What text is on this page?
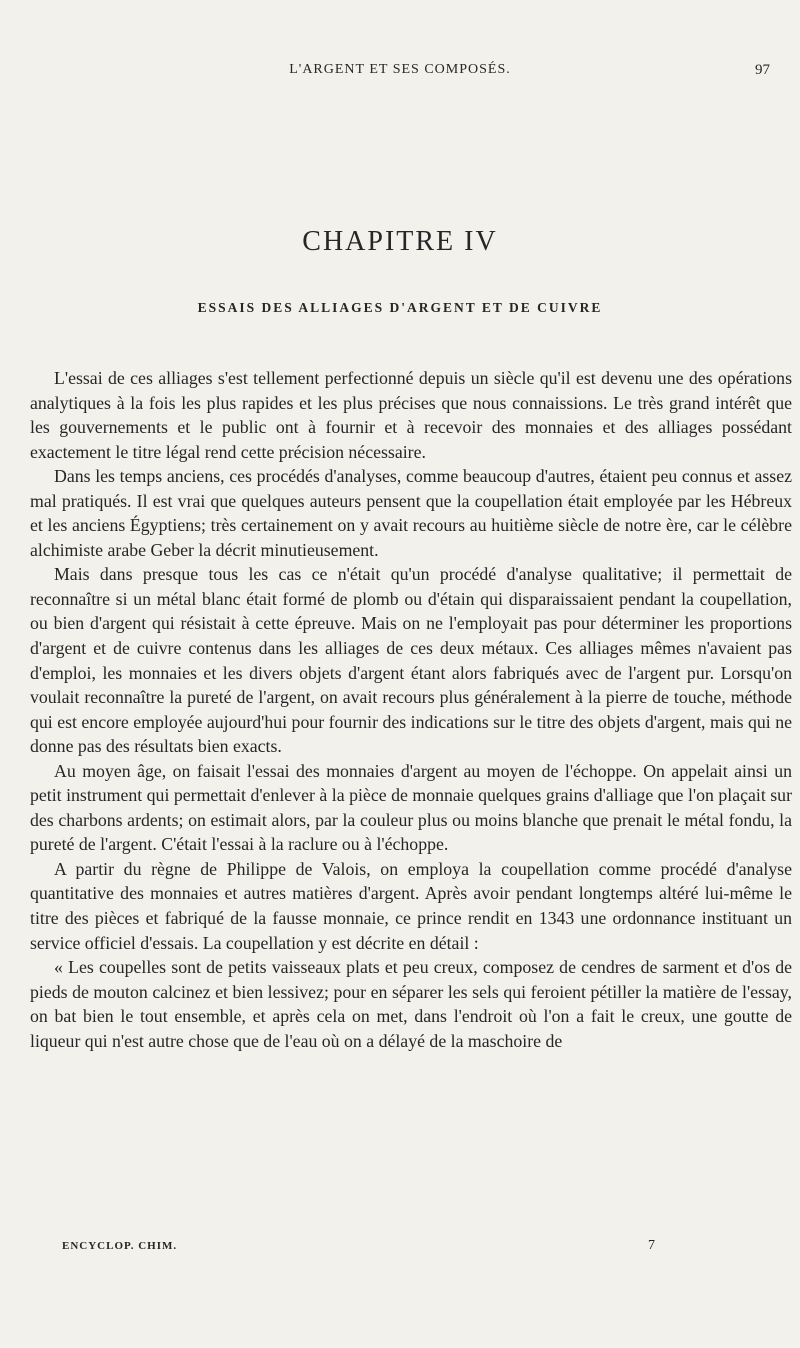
L'ARGENT ET SES COMPOSÉS.	97
CHAPITRE IV
ESSAIS DES ALLIAGES D'ARGENT ET DE CUIVRE

L'essai de ces alliages s'est tellement perfectionné depuis un siècle qu'il est devenu une des opérations analytiques à la fois les plus rapides et les plus précises que nous connaissions. Le très grand intérêt que les gouvernements et le public ont à fournir et à recevoir des monnaies et des alliages possédant exactement le titre légal rend cette précision nécessaire.

Dans les temps anciens, ces procédés d'analyses, comme beaucoup d'autres, étaient peu connus et assez mal pratiqués. Il est vrai que quelques auteurs pensent que la coupellation était employée par les Hébreux et les anciens Égyptiens; très certainement on y avait recours au huitième siècle de notre ère, car le célèbre alchimiste arabe Geber la décrit minutieusement.

Mais dans presque tous les cas ce n'était qu'un procédé d'analyse qualitative; il permettait de reconnaître si un métal blanc était formé de plomb ou d'étain qui disparaissaient pendant la coupellation, ou bien d'argent qui résistait à cette épreuve. Mais on ne l'employait pas pour déterminer les proportions d'argent et de cuivre contenus dans les alliages de ces deux métaux. Ces alliages mêmes n'avaient pas d'emploi, les monnaies et les divers objets d'argent étant alors fabriqués avec de l'argent pur. Lorsqu'on voulait reconnaître la pureté de l'argent, on avait recours plus généralement à la pierre de touche, méthode qui est encore employée aujourd'hui pour fournir des indications sur le titre des objets d'argent, mais qui ne donne pas des résultats bien exacts.

Au moyen âge, on faisait l'essai des monnaies d'argent au moyen de l'échoppe. On appelait ainsi un petit instrument qui permettait d'enlever à la pièce de monnaie quelques grains d'alliage que l'on plaçait sur des charbons ardents; on estimait alors, par la couleur plus ou moins blanche que prenait le métal fondu, la pureté de l'argent. C'était l'essai à la raclure ou à l'échoppe.

A partir du règne de Philippe de Valois, on employa la coupellation comme procédé d'analyse quantitative des monnaies et autres matières d'argent. Après avoir pendant longtemps altéré lui-même le titre des pièces et fabriqué de la fausse monnaie, ce prince rendit en 1343 une ordonnance instituant un service officiel d'essais. La coupellation y est décrite en détail :

« Les coupelles sont de petits vaisseaux plats et peu creux, composez de cendres de sarment et d'os de pieds de mouton calcinez et bien lessivez; pour en séparer les sels qui feroient pétiller la matière de l'essay, on bat bien le tout ensemble, et après cela on met, dans l'endroit où l'on a fait le creux, une goutte de liqueur qui n'est autre chose que de l'eau où on a délayé de la maschoire de

ENCYCLOP. CHIM.	7
